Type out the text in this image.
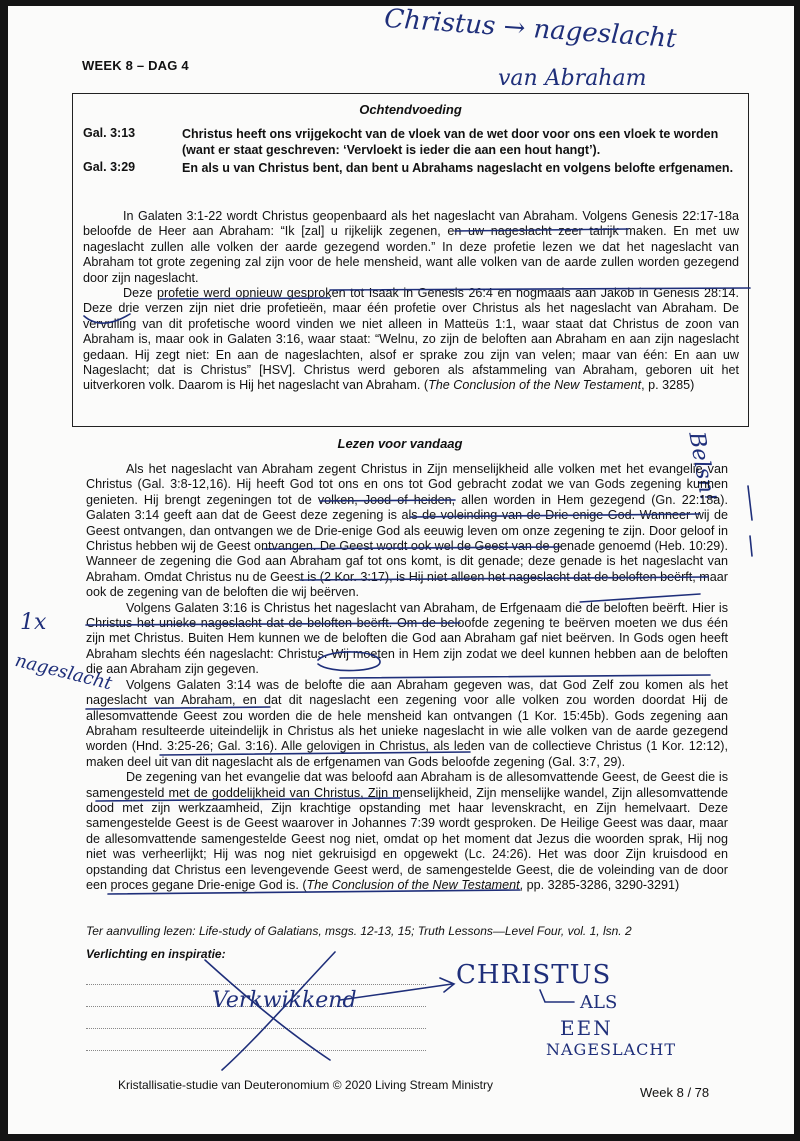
WEEK 8 – DAG 4
Christus → nageslacht
van Abraham
Ochtendvoeding
Gal. 3:13	Christus heeft ons vrijgekocht van de vloek van de wet door voor ons een vloek te worden (want er staat geschreven: ‘Vervloekt is ieder die aan een hout hangt’).
Gal. 3:29	En als u van Christus bent, dan bent u Abrahams nageslacht en volgens belofte erfgenamen.

In Galaten 3:1-22 wordt Christus geopenbaard als het nageslacht van Abraham. Volgens Genesis 22:17-18a beloofde de Heer aan Abraham: “Ik [zal] u rijkelijk zegenen, en uw nageslacht zeer talrijk maken. En met uw nageslacht zullen alle volken der aarde gezegend worden.” In deze profetie lezen we dat het nageslacht van Abraham tot grote zegening zal zijn voor de hele mensheid, want alle volken van de aarde zullen worden gezegend door zijn nageslacht.

Deze profetie werd opnieuw gesproken tot Isaak in Genesis 26:4 en nogmaals aan Jakob in Genesis 28:14. Deze drie verzen zijn niet drie profetieën, maar één profetie over Christus als het nageslacht van Abraham. De vervulling van dit profetische woord vinden we niet alleen in Matteüs 1:1, waar staat dat Christus de zoon van Abraham is, maar ook in Galaten 3:16, waar staat: “Welnu, zo zijn de beloften aan Abraham en aan zijn nageslacht gedaan. Hij zegt niet: En aan de nageslachten, alsof er sprake zou zijn van velen; maar van één: En aan uw Nageslacht; dat is Christus” [HSV]. Christus werd geboren als afstammeling van Abraham, geboren uit het uitverkoren volk. Daarom is Hij het nageslacht van Abraham. (The Conclusion of the New Testament, p. 3285)

Lezen voor vandaag	Belsn!
1x
nageslacht

Als het nageslacht van Abraham zegent Christus in Zijn menselijkheid alle volken met het evangelie van Christus (Gal. 3:8-12,16). Hij heeft God tot ons en ons tot God gebracht zodat we van Gods zegening kunnen genieten. Hij brengt zegeningen tot de volken, Jood of heiden, allen worden in Hem gezegend (Gn. 22:18a). Galaten 3:14 geeft aan dat de Geest deze zegening is als de voleinding van de Drie-enige God. Wanneer wij de Geest ontvangen, dan ontvangen we de Drie-enige God als eeuwig leven om onze zegening te zijn. Door geloof in Christus hebben wij de Geest ontvangen. De Geest wordt ook wel de Geest van de genade genoemd (Heb. 10:29). Wanneer de zegening die God aan Abraham gaf tot ons komt, is dit genade; deze genade is het nageslacht van Abraham. Omdat Christus nu de Geest is (2 Kor. 3:17), is Hij niet alleen het nageslacht dat de beloften beërft, maar ook de zegening van de beloften die wij beërven.

Volgens Galaten 3:16 is Christus het nageslacht van Abraham, de Erfgenaam die de beloften beërft. Hier is Christus het unieke nageslacht dat de beloften beërft. Om de beloofde zegening te beërven moeten we dus één zijn met Christus. Buiten Hem kunnen we de beloften die God aan Abraham gaf niet beërven. In Gods ogen heeft Abraham slechts één nageslacht: Christus. Wij moeten in Hem zijn zodat we deel kunnen hebben aan de beloften die aan Abraham zijn gegeven.

Volgens Galaten 3:14 was de belofte die aan Abraham gegeven was, dat God Zelf zou komen als het nageslacht van Abraham, en dat dit nageslacht een zegening voor alle volken zou worden doordat Hij de allesomvattende Geest zou worden die de hele mensheid kan ontvangen (1 Kor. 15:45b). Gods zegening aan Abraham resulteerde uiteindelijk in Christus als het unieke nageslacht in wie alle volken van de aarde gezegend worden (Hnd. 3:25-26; Gal. 3:16). Alle gelovigen in Christus, als leden van de collectieve Christus (1 Kor. 12:12), maken deel uit van dit nageslacht als de erfgenamen van Gods beloofde zegening (Gal. 3:7, 29).

De zegening van het evangelie dat was beloofd aan Abraham is de allesomvattende Geest, de Geest die is samengesteld met de goddelijkheid van Christus, Zijn menselijkheid, Zijn menselijke wandel, Zijn allesomvattende dood met zijn werkzaamheid, Zijn krachtige opstanding met haar levenskracht, en Zijn hemelvaart. Deze samengestelde Geest is de Geest waarover in Johannes 7:39 wordt gesproken. De Heilige Geest was daar, maar de allesomvattende samengestelde Geest nog niet, omdat op het moment dat Jezus die woorden sprak, Hij nog niet was verheerlijkt; Hij was nog niet gekruisigd en opgewekt (Lc. 24:26). Het was door Zijn kruisdood en opstanding dat Christus een levengevende Geest werd, de samengestelde Geest, die de voleinding van de door een proces gegane Drie-enige God is. (The Conclusion of the New Testament, pp. 3285-3286, 3290-3291)

Ter aanvulling lezen: Life-study of Galatians, msgs. 12-13, 15; Truth Lessons—Level Four, vol. 1, lsn. 2
Verlichting en inspiratie:
Verkwikkend
CHRISTUS
ALS
EEN
NAGESLACHT
Kristallisatie-studie van Deuteronomium © 2020 Living Stream Ministry	Week 8 / 78
